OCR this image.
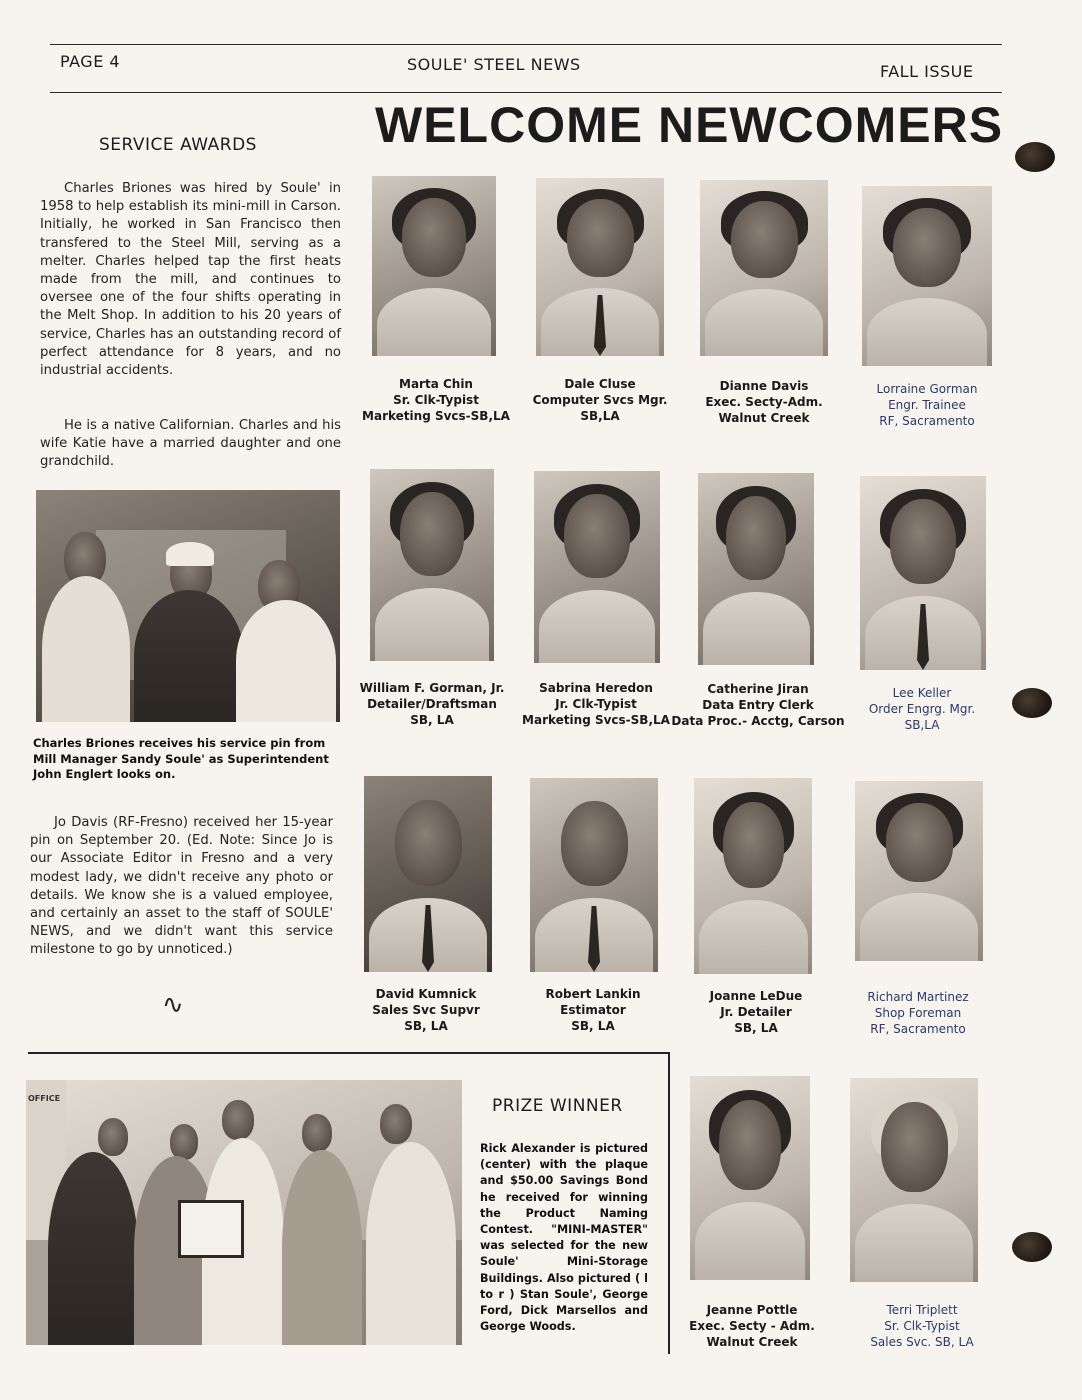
PAGE 4	SOULE' STEEL NEWS	FALL ISSUE
WELCOME NEWCOMERS
SERVICE AWARDS
Charles Briones was hired by Soule' in 1958 to help establish its mini-mill in Carson. Initially, he worked in San Francisco then transfered to the Steel Mill, serving as a melter. Charles helped tap the first heats made from the mill, and continues to oversee one of the four shifts operating in the Melt Shop. In addition to his 20 years of service, Charles has an outstanding record of perfect attendance for 8 years, and no industrial accidents.
He is a native Californian. Charles and his wife Katie have a married daughter and one grandchild.
Charles Briones receives his service pin from Mill Manager Sandy Soule' as Superintendent John Englert looks on.
Jo Davis (RF-Fresno) received her 15-year pin on September 20. (Ed. Note: Since Jo is our Associate Editor in Fresno and a very modest lady, we didn't receive any photo or details. We know she is a valued employee, and certainly an asset to the staff of SOULE' NEWS, and we didn't want this service milestone to go by unnoticed.)
∿
Marta Chin
Sr. Clk-Typist
Marketing Svcs-SB,LA
Dale Cluse
Computer Svcs Mgr.
SB,LA
Dianne Davis
Exec. Secty-Adm.
Walnut Creek
Lorraine Gorman
Engr. Trainee
RF, Sacramento
William F. Gorman, Jr.
Detailer/Draftsman
SB, LA
Sabrina Heredon
Jr. Clk-Typist
Marketing Svcs-SB,LA
Catherine Jiran
Data Entry Clerk
Data Proc.- Acctg, Carson
Lee Keller
Order Engrg. Mgr.
SB,LA
David Kumnick
Sales Svc Supvr
SB, LA
Robert Lankin
Estimator
SB, LA
Joanne LeDue
Jr. Detailer
SB, LA
Richard Martinez
Shop Foreman
RF, Sacramento
Jeanne Pottle
Exec. Secty - Adm.
Walnut Creek
Terri Triplett
Sr. Clk-Typist
Sales Svc. SB, LA
OFFICE	PRIZE WINNER
Rick Alexander is pictured (center) with the plaque and $50.00 Savings Bond he received for winning the Product Naming Contest. "MINI-MASTER" was selected for the new Soule' Mini-Storage Buildings. Also pictured ( l to r ) Stan Soule', George Ford, Dick Marsellos and George Woods.
